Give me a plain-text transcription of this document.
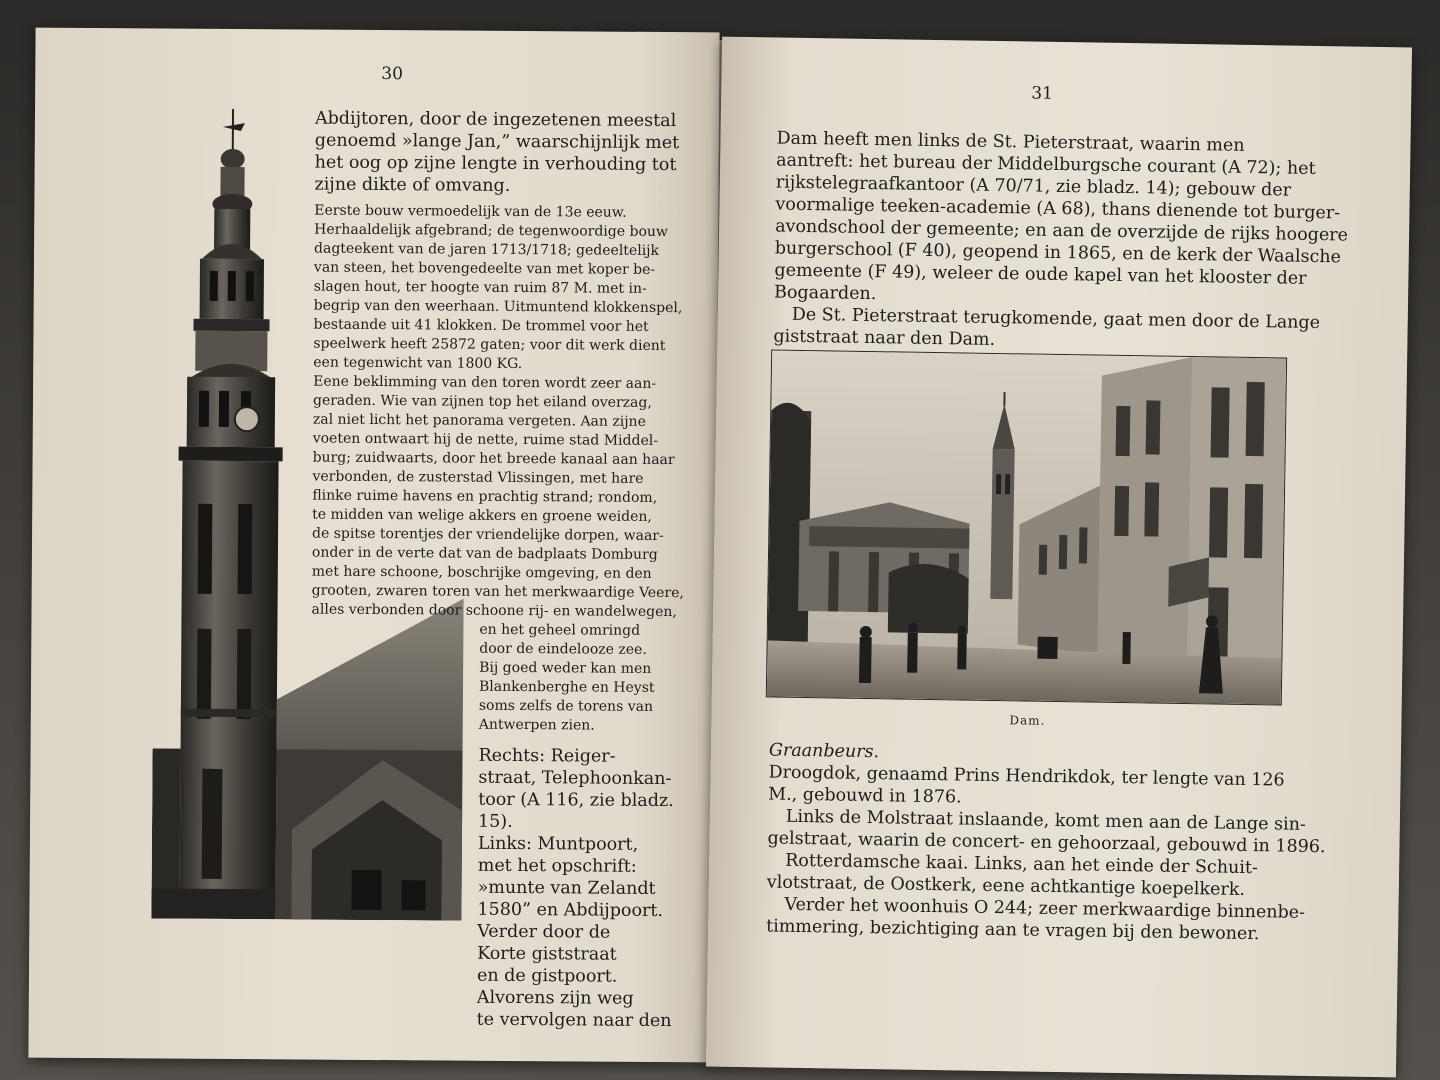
30

Abdijtoren, door de ingezetenen meestal

genoemd »lange Jan,” waarschijnlijk met

het oog op zijne lengte in verhouding tot

zijne dikte of omvang.

Eerste bouw vermoedelijk van de 13e eeuw.

Herhaaldelijk afgebrand; de tegenwoordige bouw

dagteekent van de jaren 1713/1718; gedeeltelijk

van steen, het bovengedeelte van met koper be-

slagen hout, ter hoogte van ruim 87 M. met in-

begrip van den weerhaan. Uitmuntend klokkenspel,

bestaande uit 41 klokken. De trommel voor het

speelwerk heeft 25872 gaten; voor dit werk dient

een tegenwicht van 1800 KG.

Eene beklimming van den toren wordt zeer aan-

geraden. Wie van zijnen top het eiland overzag,

zal niet licht het panorama vergeten. Aan zijne

voeten ontwaart hij de nette, ruime stad Middel-

burg; zuidwaarts, door het breede kanaal aan haar

verbonden, de zusterstad Vlissingen, met hare

flinke ruime havens en prachtig strand; rondom,

te midden van welige akkers en groene weiden,

de spitse torentjes der vriendelijke dorpen, waar-

onder in de verte dat van de badplaats Domburg

met hare schoone, boschrijke omgeving, en den

grooten, zwaren toren van het merkwaardige Veere,

alles verbonden door schoone rij- en wandelwegen,

en het geheel omringd

door de eindelooze zee.

Bij goed weder kan men

Blankenberghe en Heyst

soms zelfs de torens van

Antwerpen zien.

Rechts: Reiger-

straat, Telephoonkan-

toor (A 116, zie bladz.

15).

Links: Muntpoort,

met het opschrift:

»munte van Zelandt

1580” en Abdijpoort.

Verder door de

Korte giststraat

en de gistpoort.

Alvorens zijn weg

te vervolgen naar den

31

Dam heeft men links de St. Pieterstraat, waarin men

aantreft: het bureau der Middelburgsche courant (A 72); het

rijkstelegraafkantoor (A 70/71, zie bladz. 14); gebouw der

voormalige teeken-academie (A 68), thans dienende tot burger-

avondschool der gemeente; en aan de overzijde de rijks hoogere

burgerschool (F 40), geopend in 1865, en de kerk der Waalsche

gemeente (F 49), weleer de oude kapel van het klooster der

Bogaarden.

De St. Pieterstraat terugkomende, gaat men door de Lange

giststraat naar den Dam.

Dam.

Graanbeurs.

Droogdok, genaamd Prins Hendrikdok, ter lengte van 126

M., gebouwd in 1876.

Links de Molstraat inslaande, komt men aan de Lange sin-

gelstraat, waarin de concert- en gehoorzaal, gebouwd in 1896.

Rotterdamsche kaai. Links, aan het einde der Schuit-

vlotstraat, de Oostkerk, eene achtkantige koepelkerk.

Verder het woonhuis O 244; zeer merkwaardige binnenbe-

timmering, bezichtiging aan te vragen bij den bewoner.
